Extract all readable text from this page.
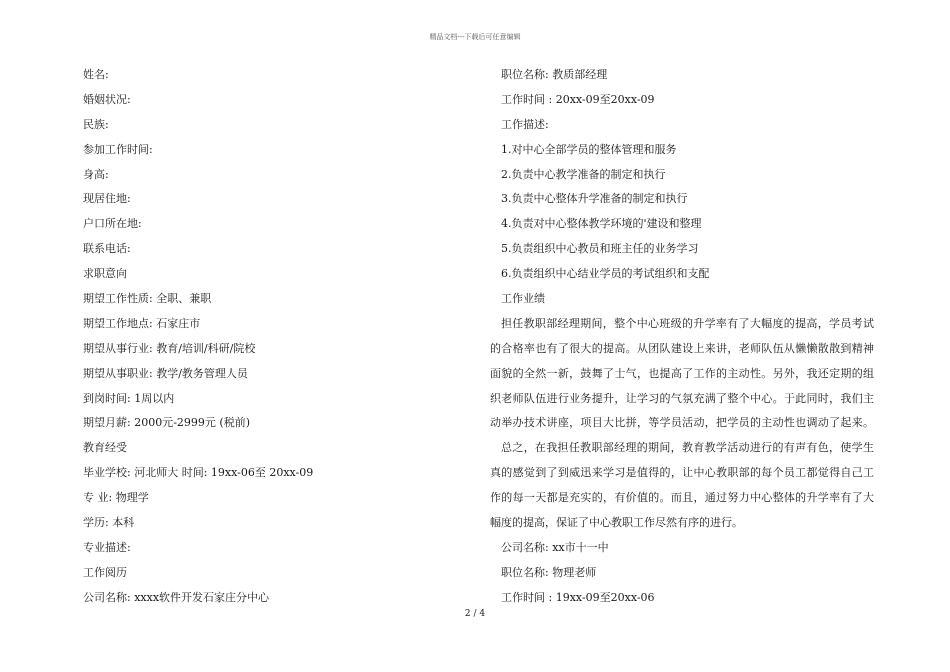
精品文档---下载后可任意编辑
姓名:
婚姻状况:
民族:
参加工作时间:
身高:
现居住地:
户口所在地:
联系电话:
求职意向
期望工作性质: 全职、兼职
期望工作地点: 石家庄市
期望从事行业: 教育/培训/科研/院校
期望从事职业: 教学/教务管理人员
到岗时间: 1周以内
期望月薪: 2000元-2999元 (税前)
教育经受
毕业学校: 河北师大 时间: 19xx-06至 20xx-09
专 业: 物理学
学历: 本科
专业描述:
工作阅历
公司名称: xxxx软件开发石家庄分中心
职位名称: 教质部经理
工作时间 : 20xx-09至20xx-09
工作描述:
1.对中心全部学员的整体管理和服务
2.负责中心教学准备的制定和执行
3.负责中心整体升学准备的制定和执行
4.负责对中心整体教学环境的'建设和整理
5.负责组织中心教员和班主任的业务学习
6.负责组织中心结业学员的考试组织和支配
工作业绩
担任教职部经理期间，整个中心班级的升学率有了大幅度的提高，学员考试
的合格率也有了很大的提高。从团队建设上来讲，老师队伍从懒懒散散到精神
面貌的全然一新，鼓舞了士气，也提高了工作的主动性。另外，我还定期的组
织老师队伍进行业务提升，让学习的气氛充满了整个中心。于此同时，我们主
动举办技术讲座，项目大比拼，等学员活动，把学员的主动性也调动了起来。
总之，在我担任教职部经理的期间，教育教学活动进行的有声有色，使学生
真的感觉到了到威迅来学习是值得的，让中心教职部的每个员工都觉得自己工
作的每一天都是充实的，有价值的。而且，通过努力中心整体的升学率有了大
幅度的提高，保证了中心教职工作尽然有序的进行。
公司名称: xx市十一中
职位名称: 物理老师
工作时间 : 19xx-09至20xx-06
2 / 4
